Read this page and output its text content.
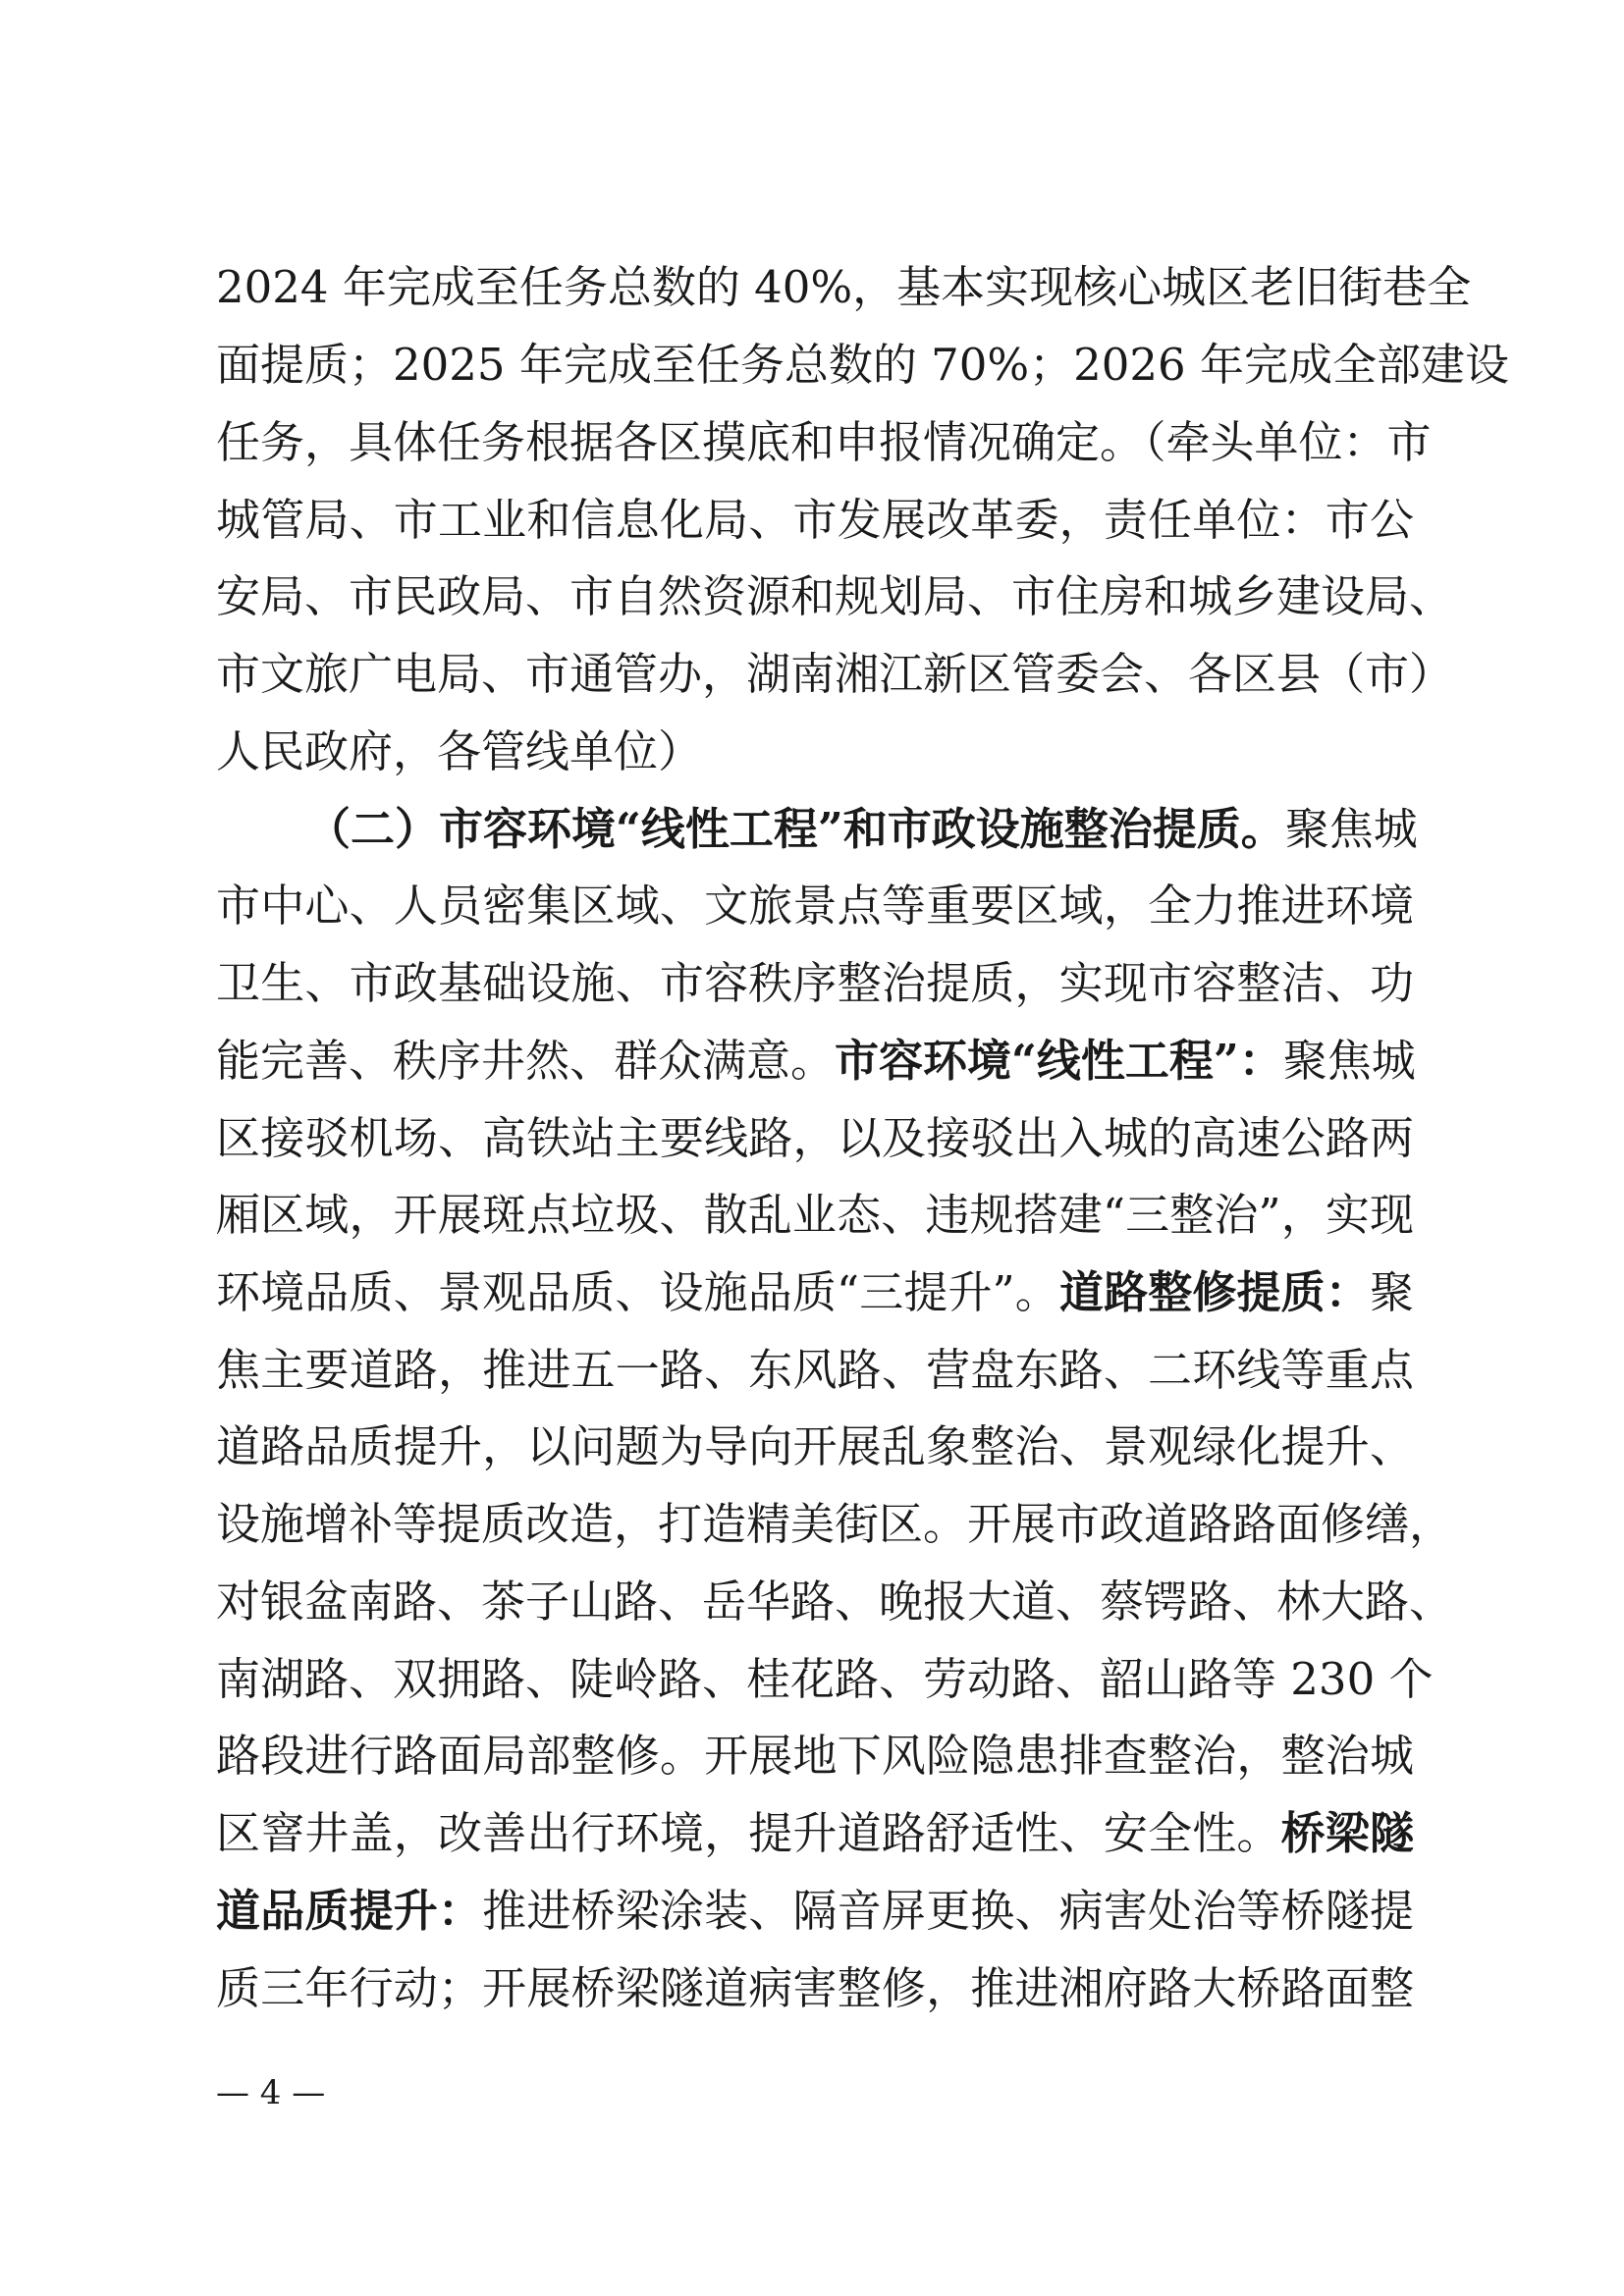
2024 年完成至任务总数的 40%，基本实现核心城区老旧街巷全
面提质；2025 年完成至任务总数的 70%；2026 年完成全部建设
任务，具体任务根据各区摸底和申报情况确定。（牵头单位：市
城管局、市工业和信息化局、市发展改革委，责任单位：市公
安局、市民政局、市自然资源和规划局、市住房和城乡建设局、
市文旅广电局、市通管办，湖南湘江新区管委会、各区县（市）
人民政府，各管线单位）
（二）市容环境“线性工程”和市政设施整治提质。聚焦城
市中心、人员密集区域、文旅景点等重要区域，全力推进环境
卫生、市政基础设施、市容秩序整治提质，实现市容整洁、功
能完善、秩序井然、群众满意。市容环境“线性工程”：聚焦城
区接驳机场、高铁站主要线路，以及接驳出入城的高速公路两
厢区域，开展斑点垃圾、散乱业态、违规搭建“三整治”，实现
环境品质、景观品质、设施品质“三提升”。道路整修提质：聚
焦主要道路，推进五一路、东风路、营盘东路、二环线等重点
道路品质提升，以问题为导向开展乱象整治、景观绿化提升、
设施增补等提质改造，打造精美街区。开展市政道路路面修缮，
对银盆南路、茶子山路、岳华路、晚报大道、蔡锷路、林大路、
南湖路、双拥路、陡岭路、桂花路、劳动路、韶山路等 230 个
路段进行路面局部整修。开展地下风险隐患排查整治，整治城
区窨井盖，改善出行环境，提升道路舒适性、安全性。桥梁隧
道品质提升：推进桥梁涂装、隔音屏更换、病害处治等桥隧提
质三年行动；开展桥梁隧道病害整修，推进湘府路大桥路面整
— 4 —
